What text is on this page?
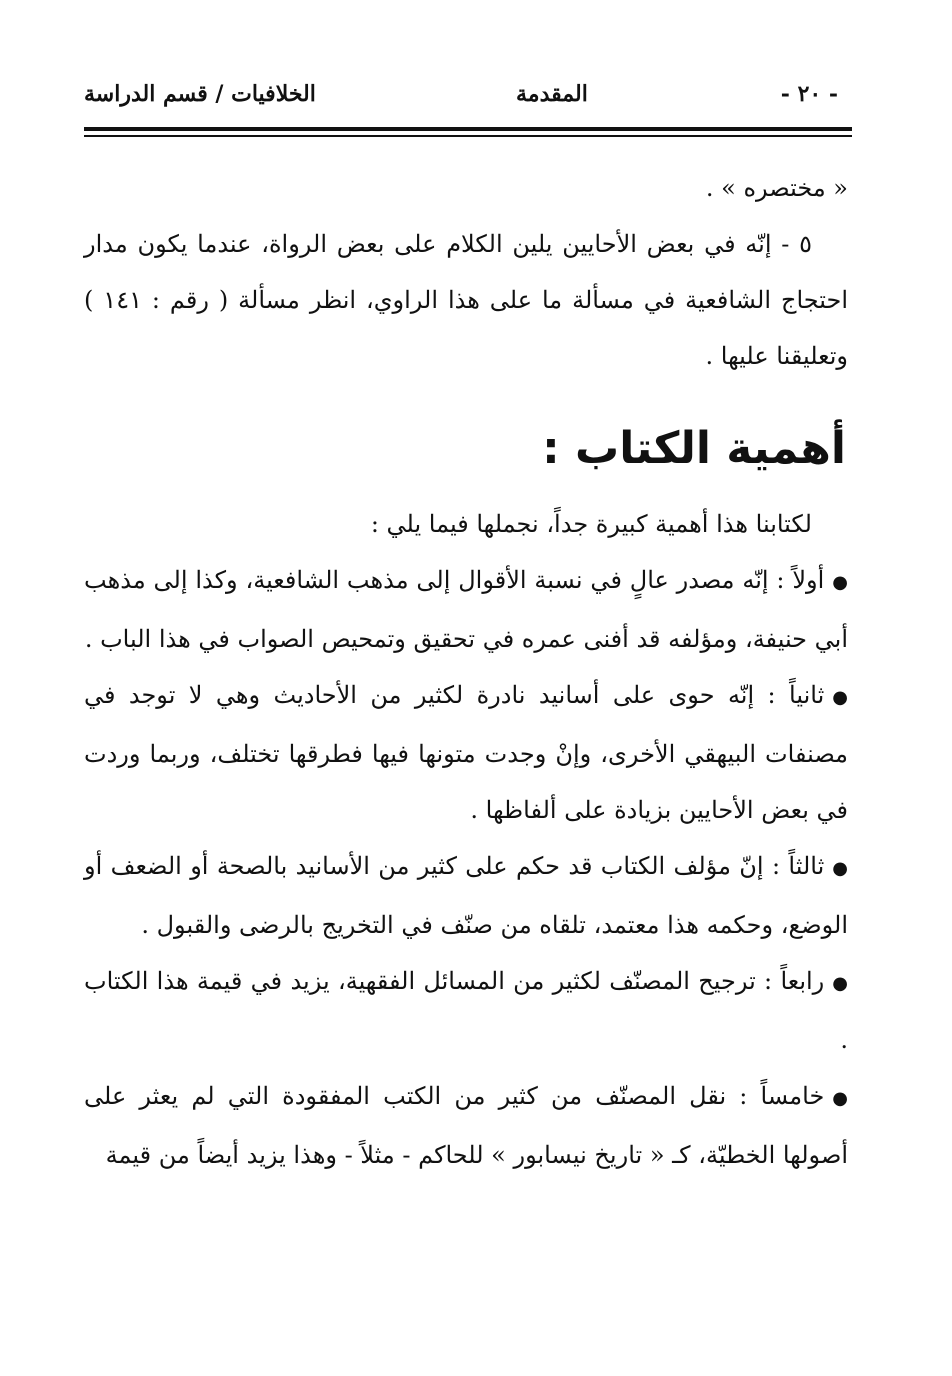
- ٢٠ -
المقدمة
الخلافيات / قسم الدراسة

« مختصره » .

٥ - إنّه في بعض الأحايين يلين الكلام على بعض الرواة، عندما يكون مدار احتجاج الشافعية في مسألة ما على هذا الراوي، انظر مسألة ( رقم : ١٤١ ) وتعليقنا عليها .

أهمية الكتاب :

لكتابنا هذا أهمية كبيرة جداً، نجملها فيما يلي :

●أولاً : إنّه مصدر عالٍ في نسبة الأقوال إلى مذهب الشافعية، وكذا إلى مذهب أبي حنيفة، ومؤلفه قد أفنى عمره في تحقيق وتمحيص الصواب في هذا الباب .

●ثانياً : إنّه حوى على أسانيد نادرة لكثير من الأحاديث وهي لا توجد في مصنفات البيهقي الأخرى، وإنْ وجدت متونها فيها فطرقها تختلف، وربما وردت في بعض الأحايين بزيادة على ألفاظها .

●ثالثاً : إنّ مؤلف الكتاب قد حكم على كثير من الأسانيد بالصحة أو الضعف أو الوضع، وحكمه هذا معتمد، تلقاه من صنّف في التخريج بالرضى والقبول .

●رابعاً : ترجيح المصنّف لكثير من المسائل الفقهية، يزيد في قيمة هذا الكتاب .

●خامساً : نقل المصنّف من كثير من الكتب المفقودة التي لم يعثر على أصولها الخطيّة، كـ « تاريخ نيسابور » للحاكم - مثلاً - وهذا يزيد أيضاً من قيمة
